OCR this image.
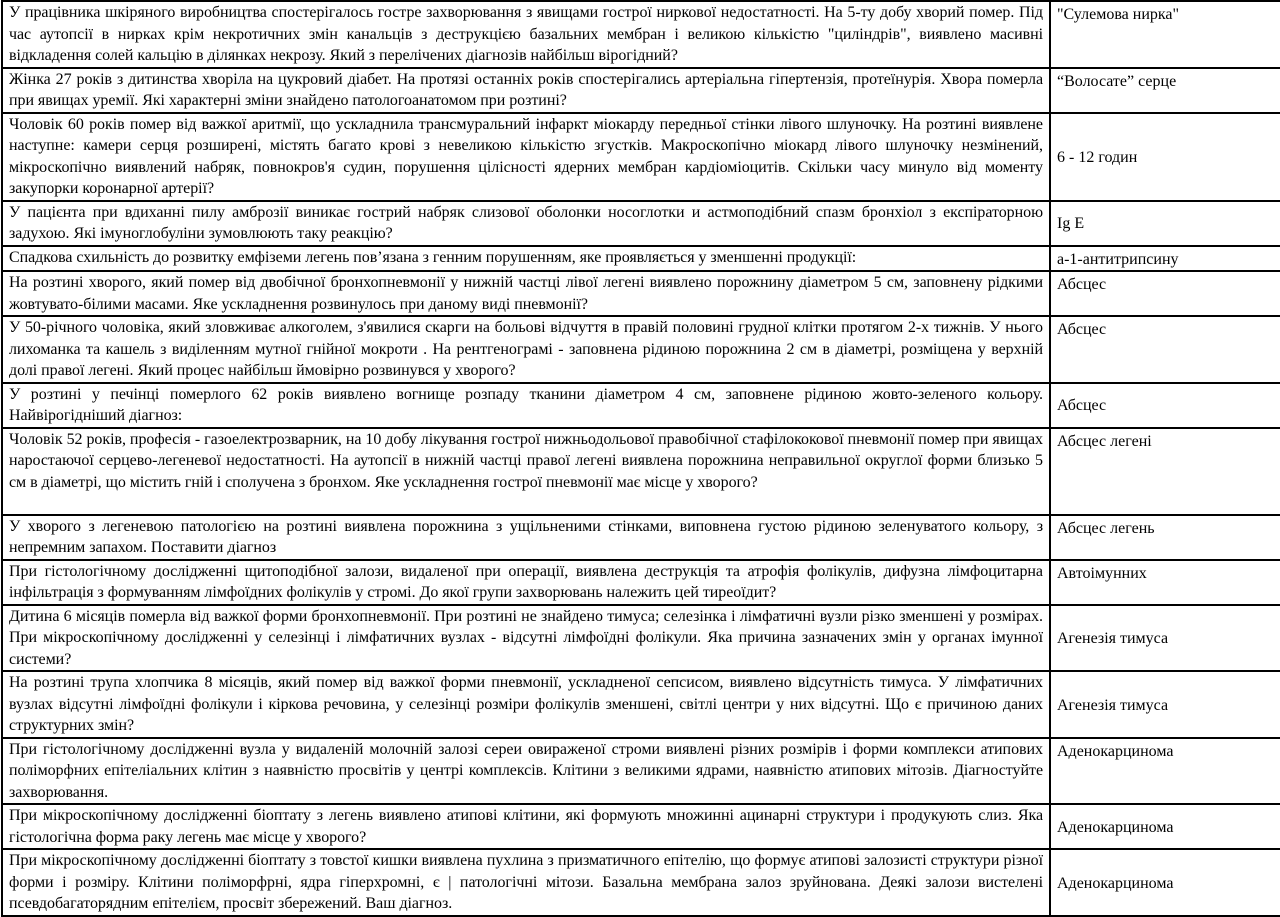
У працівника шкіряного виробництва спостерігалось гостре захворювання з явищами гострої ниркової недостатності. На 5-ту добу хворий помер. Під час аутопсії в нирках крім некротичних змін канальців з деструкцією базальних мембран і великою кількістю "циліндрів", виявлено масивні відкладення солей кальцію в ділянках некрозу. Який з перелічених діагнозів найбільш вірогідний?	"Сулемова нирка"
Жінка 27 років з дитинства хворіла на цукровий діабет. На протязі останніх років спостерігались артеріальна гіпертензія, протеїнурія. Хвора померла при явищах уремії. Які характерні зміни знайдено патологоанатомом при розтині?	“Волосате” серце
Чоловік 60 років помер від важкої аритмії, що ускладнила трансмуральний інфаркт міокарду передньої стінки лівого шлуночку. На розтині виявлене наступне: камери серця розширені, містять багато крові з невеликою кількістю згустків. Макроскопічно міокард лівого шлуночку незмінений, мікроскопічно виявлений набряк, повнокров'я судин, порушення цілісності ядерних мембран кардіоміоцитів. Скільки часу минуло від моменту закупорки коронарної артерії?	6 - 12 годин
У пацієнта при вдиханні пилу амброзії виникає гострий набряк слизової оболонки носоглотки и астмоподібний спазм бронхіол з експіраторною задухою. Які імуноглобуліни зумовлюють таку реакцію?	Ig E
Спадкова схильність до розвитку емфіземи легень пов’язана з генним порушенням, яке проявляється у зменшенні продукції:	а-1-антитрипсину
На розтині хворого, який помер від двобічної бронхопневмонії у нижній частці лівої легені виявлено порожнину діаметром 5 см, заповнену рідкими жовтувато-білими масами. Яке ускладнення розвинулось при даному виді пневмонії?	Абсцес
У 50-річного чоловіка, який зловживає алкоголем, з'явилися скарги на больові відчуття в правій половині грудної клітки протягом 2-х тижнів. У нього лихоманка та кашель з виділенням мутної гнійної мокроти . На рентгенограмі - заповнена рідиною порожнина 2 см в діаметрі, розміщена у верхній долі правої легені. Який процес найбільш ймовірно розвинувся у хворого?	Абсцес
У розтині у печінці померлого 62 років виявлено вогнище розпаду тканини діаметром 4 см, заповнене рідиною жовто-зеленого кольору. Найвірогідніший діагноз:	Абсцес
Чоловік 52 років, професія - газоелектрозварник, на 10 добу лікування гострої нижньодольової правобічної стафілококової пневмонії помер при явищах наростаючої серцево-легеневої недостатності. На аутопсії в нижній частці правої легені виявлена порожнина неправильної округлої форми близько 5 см в діаметрі, що містить гній і сполучена з бронхом. Яке ускладнення гострої пневмонії має місце у хворого?	Абсцес легені
У хворого з легеневою патологією на розтині виявлена порожнина з ущільненими стінками, виповнена густою рідиною зеленуватого кольору, з непремним запахом. Поставити діагноз	Абсцес легень
При гістологічному дослідженні щитоподібної залози, видаленої при операції, виявлена деструкція та атрофія фолікулів, дифузна лімфоцитарна інфільтрація з формуванням лімфоїдних фолікулів у стромі. До якої групи захворювань належить цей тиреоїдит?	Автоімунних
Дитина 6 місяців померла від важкої форми бронхопневмонії. При розтині не знайдено тимуса; селезінка і лімфатичні вузли різко зменшені у розмірах. При мікроскопічному дослідженні у селезінці і лімфатичних вузлах - відсутні лімфоїдні фолікули. Яка причина зазначених змін у органах імунної системи?	Агенезія тимуса
На розтині трупа хлопчика 8 місяців, який помер від важкої форми пневмонії, ускладненої сепсисом, виявлено відсутність тимуса. У лімфатичних вузлах відсутні лімфоїдні фолікули і кіркова речовина, у селезінці розміри фолікулів зменшені, світлі центри у них відсутні. Що є причиною даних структурних змін?	Агенезія тимуса
При гістологічному дослідженні вузла у видаленій молочній залозі сереи овираженої строми виявлені різних розмірів і форми комплекси атипових поліморфних епітеліальних клітин з наявністю просвітів у центрі комплексів. Клітини з великими ядрами, наявністю атипових мітозів. Діагностуйте захворювання.	Аденокарцинома
При мікроскопічному дослідженні біоптату з легень виявлено атипові клітини, які формують множинні ацинарні структури і продукують слиз. Яка гістологічна форма раку легень має місце у хворого?	Аденокарцинома
При мікроскопічному дослідженні біоптату з товстої кишки виявлена пухлина з призматичного епітелію, що формує атипові залозисті структури різної форми і розміру. Клітини поліморфрні, ядра гіперхромні, є | патологічні мітози. Базальна мембрана залоз зруйнована. Деякі залози вистелені псевдобагаторядним епітелієм, просвіт збережений. Ваш діагноз.	Аденокарцинома
